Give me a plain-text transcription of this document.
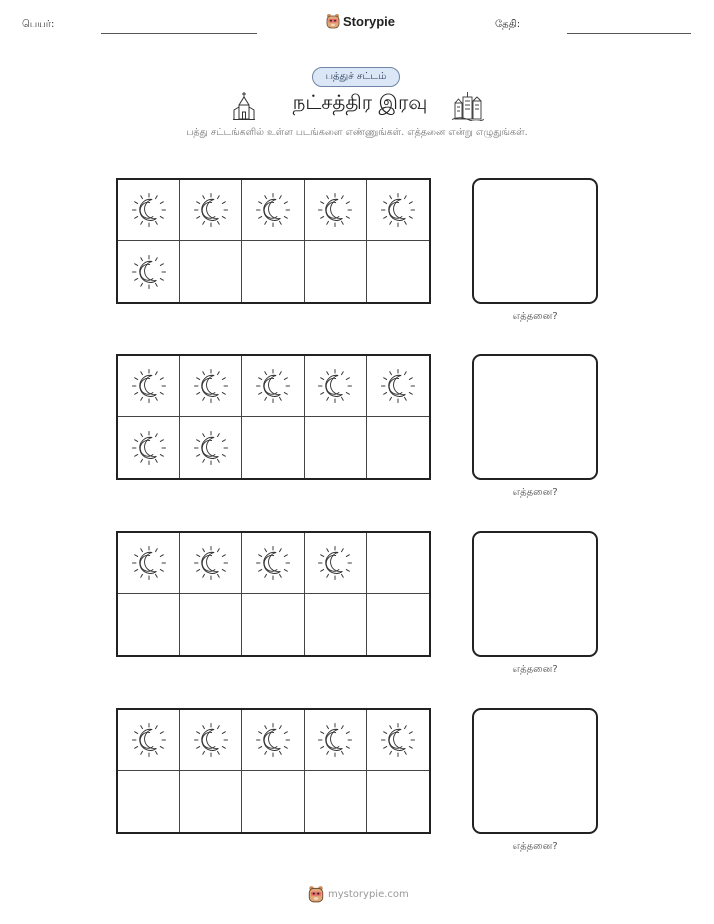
பெயர்:	Storypie	தேதி:
பத்துச் சட்டம்
நட்சத்திர இரவு
பத்து சட்டங்களில் உள்ள படங்களை எண்ணுங்கள். எத்தனை என்று எழுதுங்கள்.
எத்தனை?
எத்தனை?
எத்தனை?
எத்தனை?
mystorypie.com
